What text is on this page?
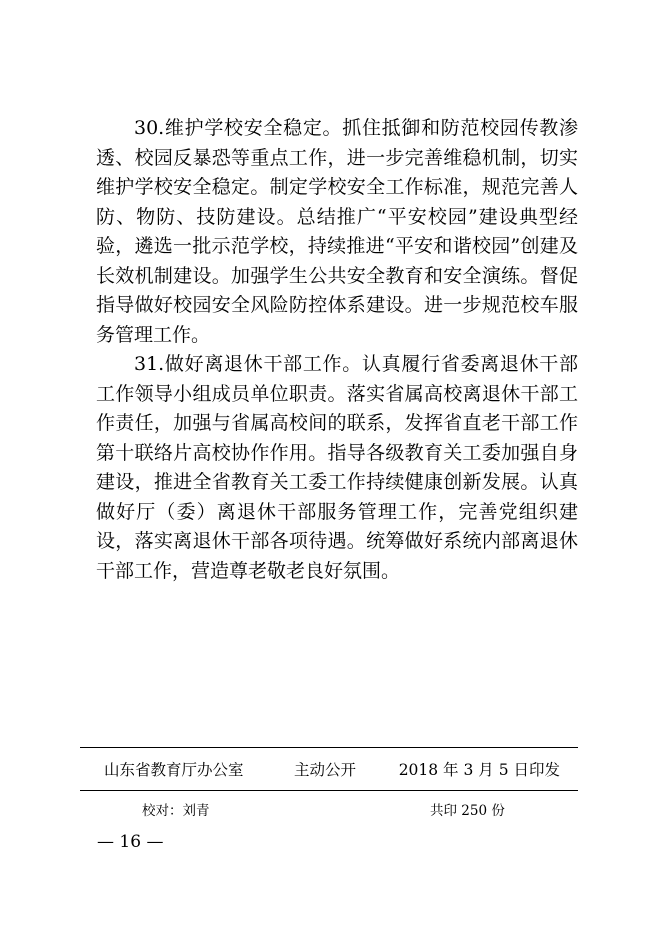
30.维护学校安全稳定。抓住抵御和防范校园传教渗透、校园反暴恐等重点工作，进一步完善维稳机制，切实维护学校安全稳定。制定学校安全工作标准，规范完善人防、物防、技防建设。总结推广“平安校园”建设典型经验，遴选一批示范学校，持续推进“平安和谐校园”创建及长效机制建设。加强学生公共安全教育和安全演练。督促指导做好校园安全风险防控体系建设。进一步规范校车服务管理工作。

31.做好离退休干部工作。认真履行省委离退休干部工作领导小组成员单位职责。落实省属高校离退休干部工作责任，加强与省属高校间的联系，发挥省直老干部工作第十联络片高校协作作用。指导各级教育关工委加强自身建设，推进全省教育关工委工作持续健康创新发展。认真做好厅（委）离退休干部服务管理工作，完善党组织建设，落实离退休干部各项待遇。统筹做好系统内部离退休干部工作，营造尊老敬老良好氛围。

山东省教育厅办公室	主动公开	2018 年 3 月 5 日印发
校对：刘青	共印 250 份
— 16 —
